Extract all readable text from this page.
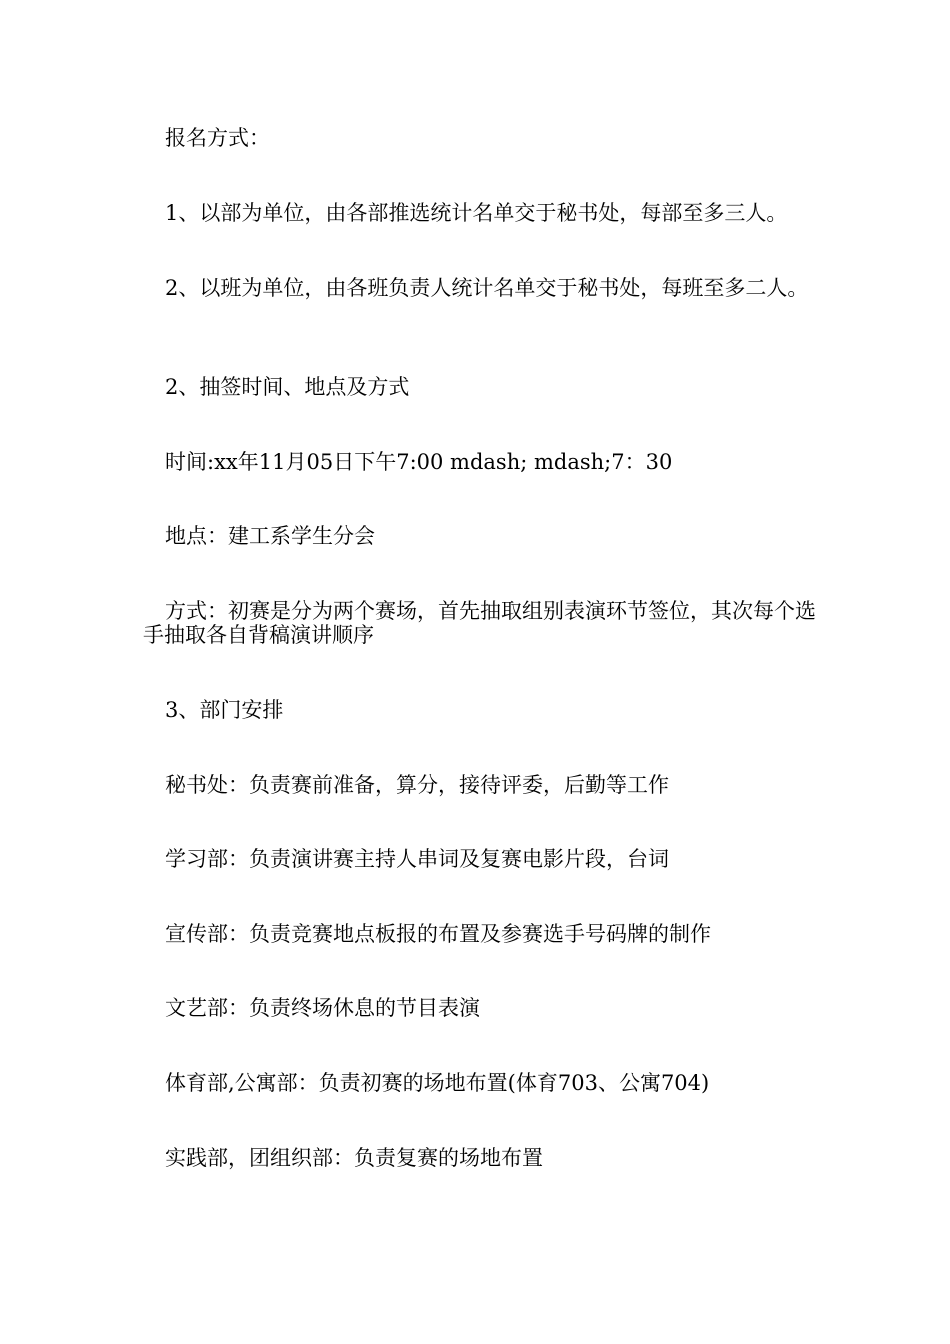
报名方式：

1、以部为单位，由各部推选统计名单交于秘书处，每部至多三人。

2、以班为单位，由各班负责人统计名单交于秘书处，每班至多二人。

2、抽签时间、地点及方式

时间:xx年11月05日下午7:00 mdash; mdash;7：30

地点：建工系学生分会

方式：初赛是分为两个赛场，首先抽取组别表演环节签位，其次每个选手抽取各自背稿演讲顺序

3、部门安排

秘书处：负责赛前准备，算分，接待评委，后勤等工作

学习部：负责演讲赛主持人串词及复赛电影片段，台词

宣传部：负责竞赛地点板报的布置及参赛选手号码牌的制作

文艺部：负责终场休息的节目表演

体育部,公寓部：负责初赛的场地布置(体育703、公寓704)

实践部，团组织部：负责复赛的场地布置
